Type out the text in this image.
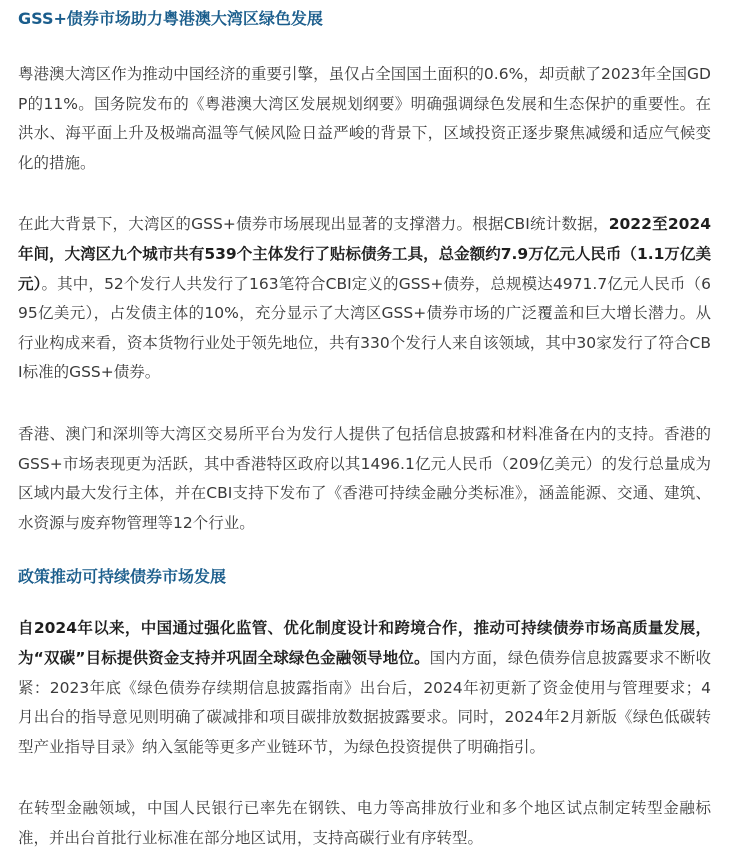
GSS+债券市场助力粤港澳大湾区绿色发展

粤港澳大湾区作为推动中国经济的重要引擎，虽仅占全国国土面积的0.6%，却贡献了2023年全国GDP的11%。国务院发布的《粤港澳大湾区发展规划纲要》明确强调绿色发展和生态保护的重要性。在洪水、海平面上升及极端高温等气候风险日益严峻的背景下，区域投资正逐步聚焦减缓和适应气候变化的措施。

在此大背景下，大湾区的GSS+债券市场展现出显著的支撑潜力。根据CBI统计数据，2022至2024年间，大湾区九个城市共有539个主体发行了贴标债务工具，总金额约7.9万亿元人民币（1.1万亿美元）。其中，52个发行人共发行了163笔符合CBI定义的GSS+债券，总规模达4971.7亿元人民币（695亿美元），占发债主体的10%，充分显示了大湾区GSS+债券市场的广泛覆盖和巨大增长潜力。从行业构成来看，资本货物行业处于领先地位，共有330个发行人来自该领域，其中30家发行了符合CBI标准的GSS+债券。

香港、澳门和深圳等大湾区交易所平台为发行人提供了包括信息披露和材料准备在内的支持。香港的GSS+市场表现更为活跃，其中香港特区政府以其1496.1亿元人民币（209亿美元）的发行总量成为区域内最大发行主体，并在CBI支持下发布了《香港可持续金融分类标准》，涵盖能源、交通、建筑、水资源与废弃物管理等12个行业。

政策推动可持续债券市场发展

自2024年以来，中国通过强化监管、优化制度设计和跨境合作，推动可持续债券市场高质量发展，为“双碳”目标提供资金支持并巩固全球绿色金融领导地位。国内方面，绿色债券信息披露要求不断收紧：2023年底《绿色债券存续期信息披露指南》出台后，2024年初更新了资金使用与管理要求；4月出台的指导意见则明确了碳减排和项目碳排放数据披露要求。同时，2024年2月新版《绿色低碳转型产业指导目录》纳入氢能等更多产业链环节，为绿色投资提供了明确指引。

在转型金融领域，中国人民银行已率先在钢铁、电力等高排放行业和多个地区试点制定转型金融标准，并出台首批行业标准在部分地区试用，支持高碳行业有序转型。
